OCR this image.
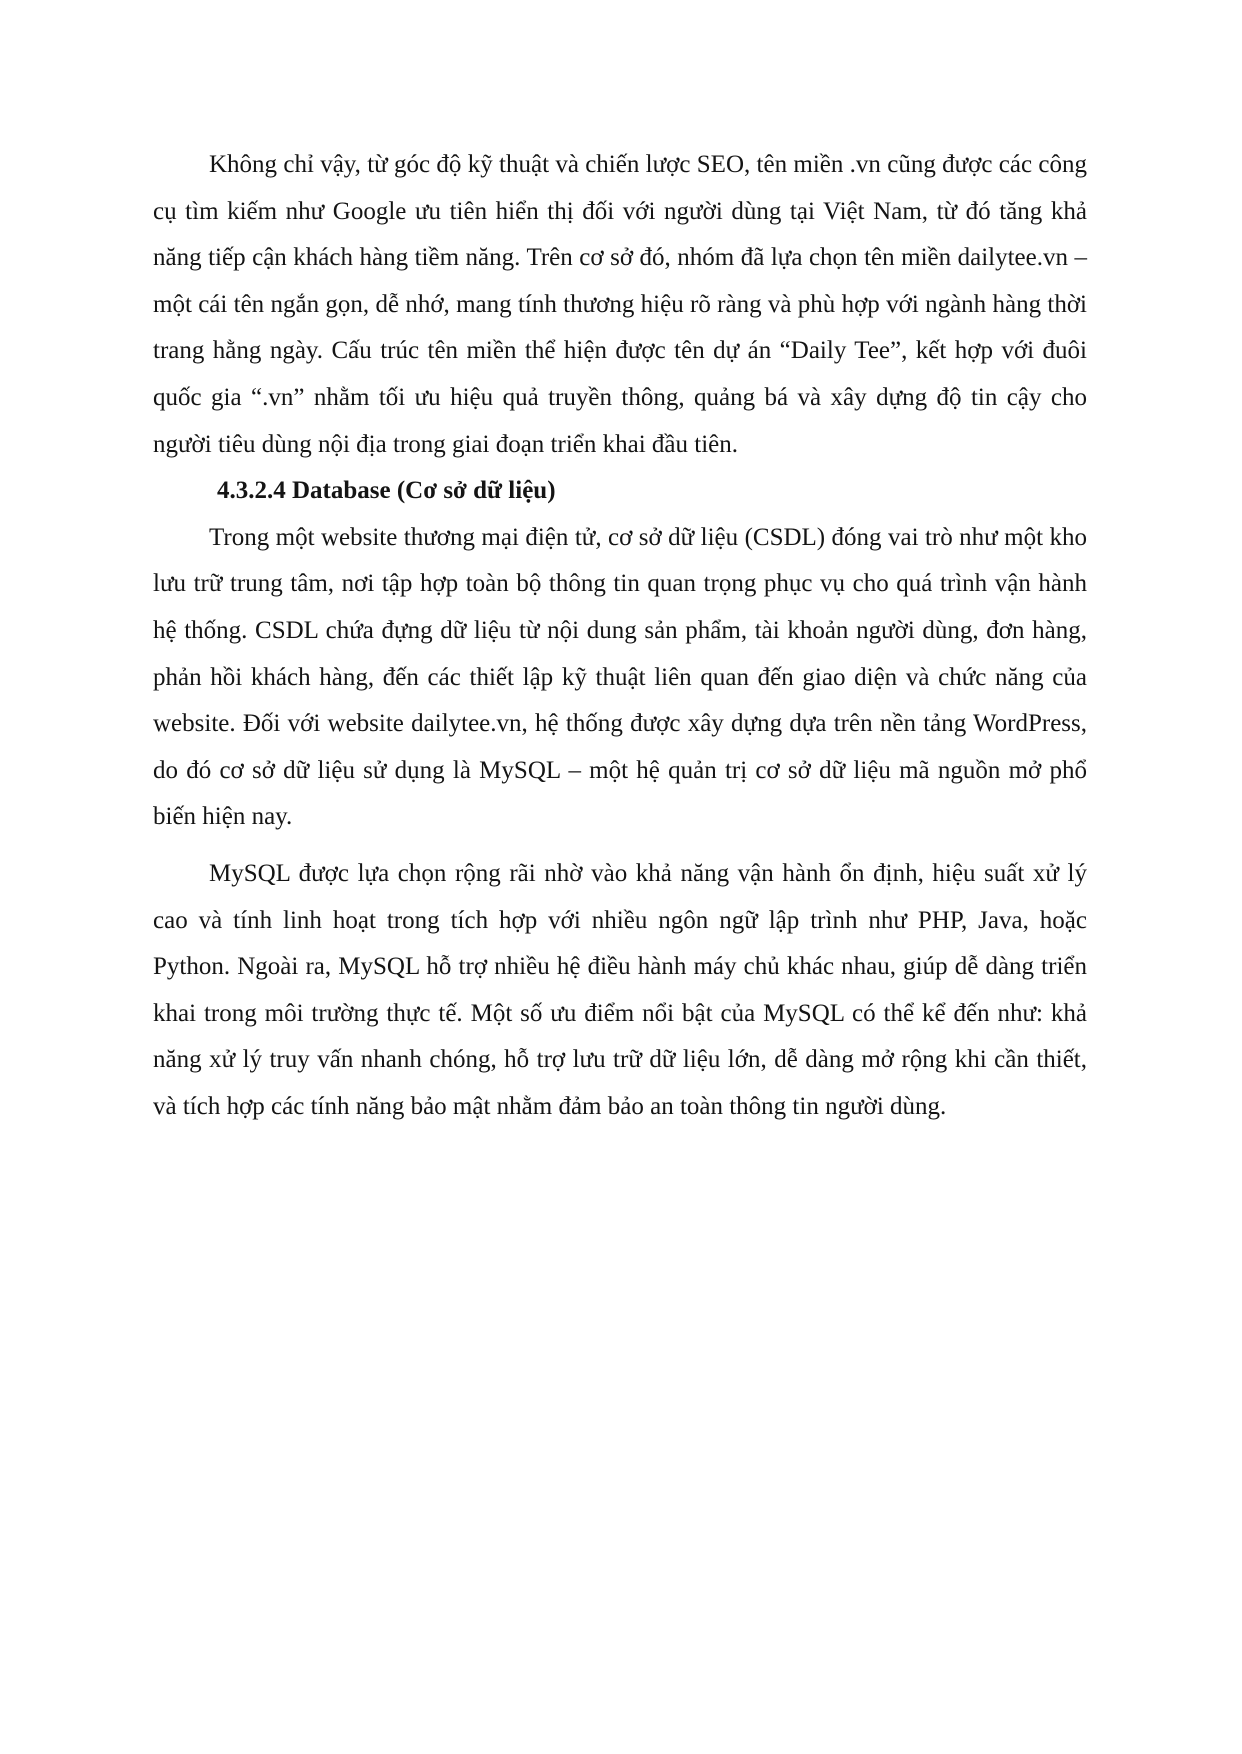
Không chỉ vậy, từ góc độ kỹ thuật và chiến lược SEO, tên miền .vn cũng được các công cụ tìm kiếm như Google ưu tiên hiển thị đối với người dùng tại Việt Nam, từ đó tăng khả năng tiếp cận khách hàng tiềm năng. Trên cơ sở đó, nhóm đã lựa chọn tên miền dailytee.vn – một cái tên ngắn gọn, dễ nhớ, mang tính thương hiệu rõ ràng và phù hợp với ngành hàng thời trang hằng ngày. Cấu trúc tên miền thể hiện được tên dự án “Daily Tee”, kết hợp với đuôi quốc gia “.vn” nhằm tối ưu hiệu quả truyền thông, quảng bá và xây dựng độ tin cậy cho người tiêu dùng nội địa trong giai đoạn triển khai đầu tiên.

4.3.2.4 Database (Cơ sở dữ liệu)

Trong một website thương mại điện tử, cơ sở dữ liệu (CSDL) đóng vai trò như một kho lưu trữ trung tâm, nơi tập hợp toàn bộ thông tin quan trọng phục vụ cho quá trình vận hành hệ thống. CSDL chứa đựng dữ liệu từ nội dung sản phẩm, tài khoản người dùng, đơn hàng, phản hồi khách hàng, đến các thiết lập kỹ thuật liên quan đến giao diện và chức năng của website. Đối với website dailytee.vn, hệ thống được xây dựng dựa trên nền tảng WordPress, do đó cơ sở dữ liệu sử dụng là MySQL – một hệ quản trị cơ sở dữ liệu mã nguồn mở phổ biến hiện nay.

MySQL được lựa chọn rộng rãi nhờ vào khả năng vận hành ổn định, hiệu suất xử lý cao và tính linh hoạt trong tích hợp với nhiều ngôn ngữ lập trình như PHP, Java, hoặc Python. Ngoài ra, MySQL hỗ trợ nhiều hệ điều hành máy chủ khác nhau, giúp dễ dàng triển khai trong môi trường thực tế. Một số ưu điểm nổi bật của MySQL có thể kể đến như: khả năng xử lý truy vấn nhanh chóng, hỗ trợ lưu trữ dữ liệu lớn, dễ dàng mở rộng khi cần thiết, và tích hợp các tính năng bảo mật nhằm đảm bảo an toàn thông tin người dùng.
